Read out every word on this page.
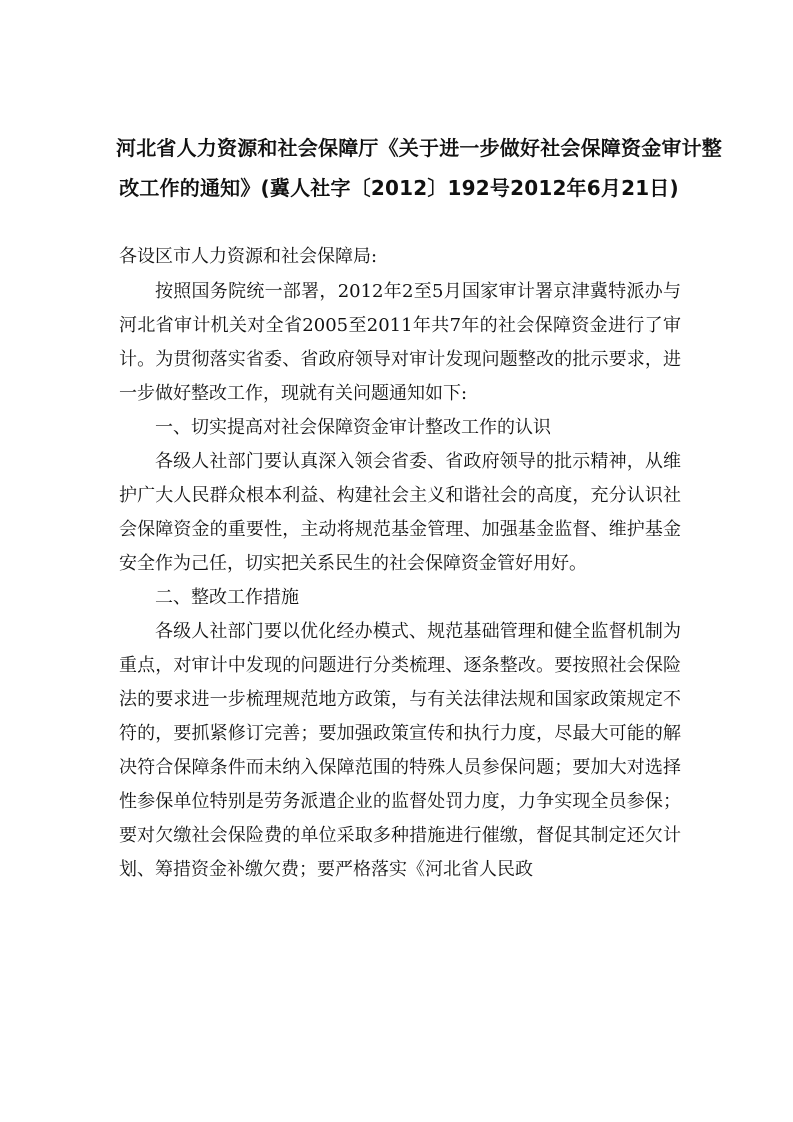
河北省人力资源和社会保障厅《关于进一步做好社会保障资金审计整
改工作的通知》(冀人社字〔2012〕192号2012年6月21日)

各设区市人力资源和社会保障局:

按照国务院统一部署，2012年2至5月国家审计署京津冀特派办与河北省审计机关对全省2005至2011年共7年的社会保障资金进行了审计。为贯彻落实省委、省政府领导对审计发现问题整改的批示要求，进一步做好整改工作，现就有关问题通知如下:

一、切实提高对社会保障资金审计整改工作的认识

各级人社部门要认真深入领会省委、省政府领导的批示精神，从维护广大人民群众根本利益、构建社会主义和谐社会的高度，充分认识社会保障资金的重要性，主动将规范基金管理、加强基金监督、维护基金安全作为己任，切实把关系民生的社会保障资金管好用好。

二、整改工作措施

各级人社部门要以优化经办模式、规范基础管理和健全监督机制为重点，对审计中发现的问题进行分类梳理、逐条整改。要按照社会保险法的要求进一步梳理规范地方政策，与有关法律法规和国家政策规定不符的，要抓紧修订完善；要加强政策宣传和执行力度，尽最大可能的解决符合保障条件而未纳入保障范围的特殊人员参保问题；要加大对选择性参保单位特别是劳务派遣企业的监督处罚力度，力争实现全员参保；要对欠缴社会保险费的单位采取多种措施进行催缴，督促其制定还欠计划、筹措资金补缴欠费；要严格落实《河北省人民政
